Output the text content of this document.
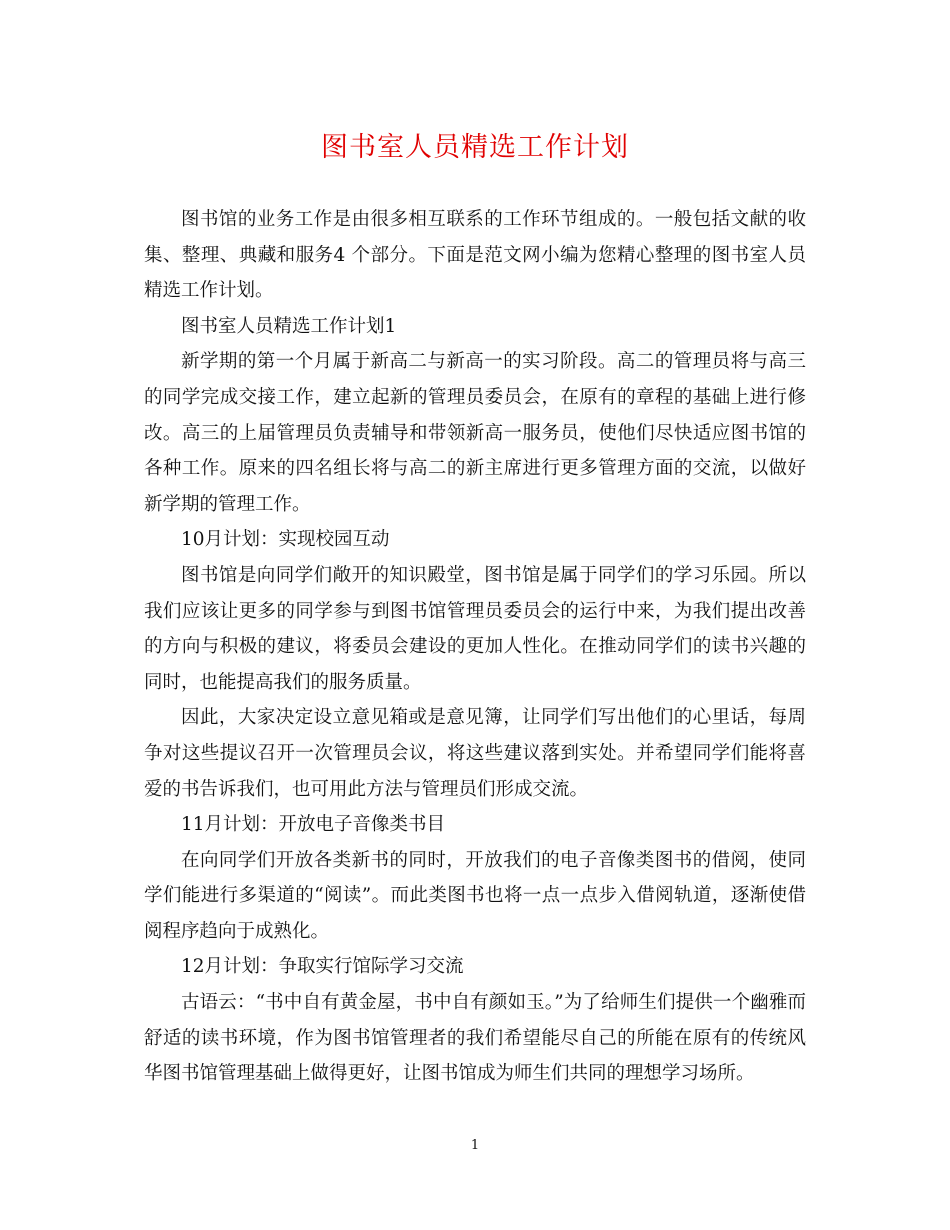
图书室人员精选工作计划

图书馆的业务工作是由很多相互联系的工作环节组成的。一般包括文献的收集、整理、典藏和服务4 个部分。下面是范文网小编为您精心整理的图书室人员精选工作计划。

图书室人员精选工作计划1

新学期的第一个月属于新高二与新高一的实习阶段。高二的管理员将与高三的同学完成交接工作，建立起新的管理员委员会，在原有的章程的基础上进行修改。高三的上届管理员负责辅导和带领新高一服务员，使他们尽快适应图书馆的各种工作。原来的四名组长将与高二的新主席进行更多管理方面的交流，以做好新学期的管理工作。

10月计划：实现校园互动

图书馆是向同学们敞开的知识殿堂，图书馆是属于同学们的学习乐园。所以我们应该让更多的同学参与到图书馆管理员委员会的运行中来，为我们提出改善的方向与积极的建议，将委员会建设的更加人性化。在推动同学们的读书兴趣的同时，也能提高我们的服务质量。

因此，大家决定设立意见箱或是意见簿，让同学们写出他们的心里话，每周争对这些提议召开一次管理员会议，将这些建议落到实处。并希望同学们能将喜爱的书告诉我们，也可用此方法与管理员们形成交流。

11月计划：开放电子音像类书目

在向同学们开放各类新书的同时，开放我们的电子音像类图书的借阅，使同学们能进行多渠道的“阅读”。而此类图书也将一点一点步入借阅轨道，逐渐使借阅程序趋向于成熟化。

12月计划：争取实行馆际学习交流

古语云：“书中自有黄金屋，书中自有颜如玉。”为了给师生们提供一个幽雅而舒适的读书环境，作为图书馆管理者的我们希望能尽自己的所能在原有的传统风华图书馆管理基础上做得更好，让图书馆成为师生们共同的理想学习场所。

1
